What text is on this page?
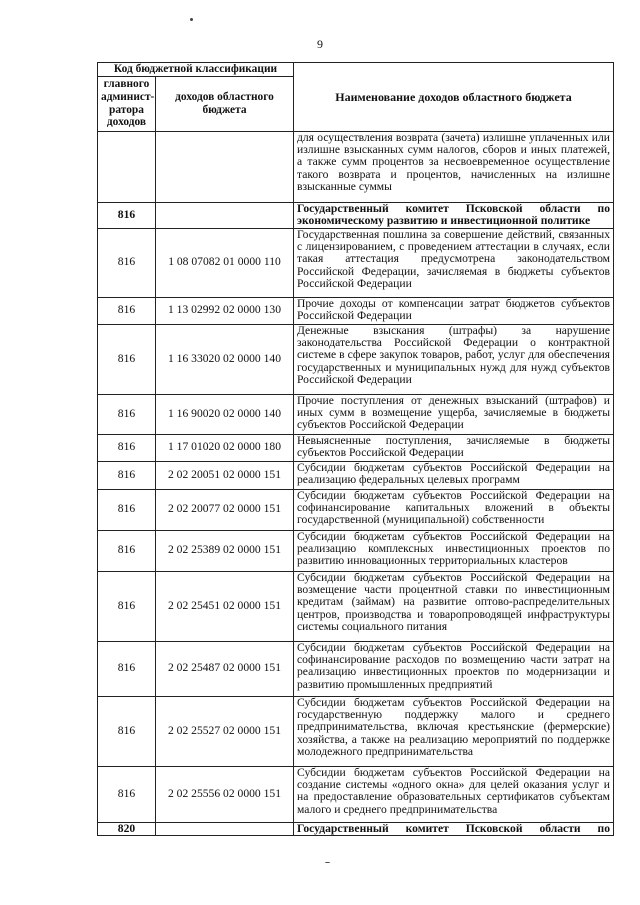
9
Код бюджетной классификации		Наименование доходов областного бюджета
главного админист-ратора доходов	доходов областного бюджета	
		для осуществления возврата (зачета) излишне уплаченных или излишне взысканных сумм налогов, сборов и иных платежей, а также сумм процентов за несвоевременное осуществление такого возврата и процентов, начисленных на излишне взысканные суммы
816		Государственный комитет Псковской области по экономическому развитию и инвестиционной политике
816	1 08 07082 01 0000 110	Государственная пошлина за совершение действий, связанных с лицензированием, с проведением аттестации в случаях, если такая аттестация предусмотрена законодательством Российской Федерации, зачисляемая в бюджеты субъектов Российской Федерации
816	1 13 02992 02 0000 130	Прочие доходы от компенсации затрат бюджетов субъектов Российской Федерации
816	1 16 33020 02 0000 140	Денежные взыскания (штрафы) за нарушение законодательства Российской Федерации о контрактной системе в сфере закупок товаров, работ, услуг для обеспечения государственных и муниципальных нужд для нужд субъектов Российской Федерации
816	1 16 90020 02 0000 140	Прочие поступления от денежных взысканий (штрафов) и иных сумм в возмещение ущерба, зачисляемые в бюджеты субъектов Российской Федерации
816	1 17 01020 02 0000 180	Невыясненные поступления, зачисляемые в бюджеты субъектов Российской Федерации
816	2 02 20051 02 0000 151	Субсидии бюджетам субъектов Российской Федерации на реализацию федеральных целевых программ
816	2 02 20077 02 0000 151	Субсидии бюджетам субъектов Российской Федерации на софинансирование капитальных вложений в объекты государственной (муниципальной) собственности
816	2 02 25389 02 0000 151	Субсидии бюджетам субъектов Российской Федерации на реализацию комплексных инвестиционных проектов по развитию инновационных территориальных кластеров
816	2 02 25451 02 0000 151	Субсидии бюджетам субъектов Российской Федерации на возмещение части процентной ставки по инвестиционным кредитам (займам) на развитие оптово-распределительных центров, производства и товаропроводящей инфраструктуры системы социального питания
816	2 02 25487 02 0000 151	Субсидии бюджетам субъектов Российской Федерации на софинансирование расходов по возмещению части затрат на реализацию инвестиционных проектов по модернизации и развитию промышленных предприятий
816	2 02 25527 02 0000 151	Субсидии бюджетам субъектов Российской Федерации на государственную поддержку малого и среднего предпринимательства, включая крестьянские (фермерские) хозяйства, а также на реализацию мероприятий по поддержке молодежного предпринимательства
816	2 02 25556 02 0000 151	Субсидии бюджетам субъектов Российской Федерации на создание системы «одного окна» для целей оказания услуг и на предоставление образовательных сертификатов субъектам малого и среднего предпринимательства
820		Государственный комитет Псковской области по
